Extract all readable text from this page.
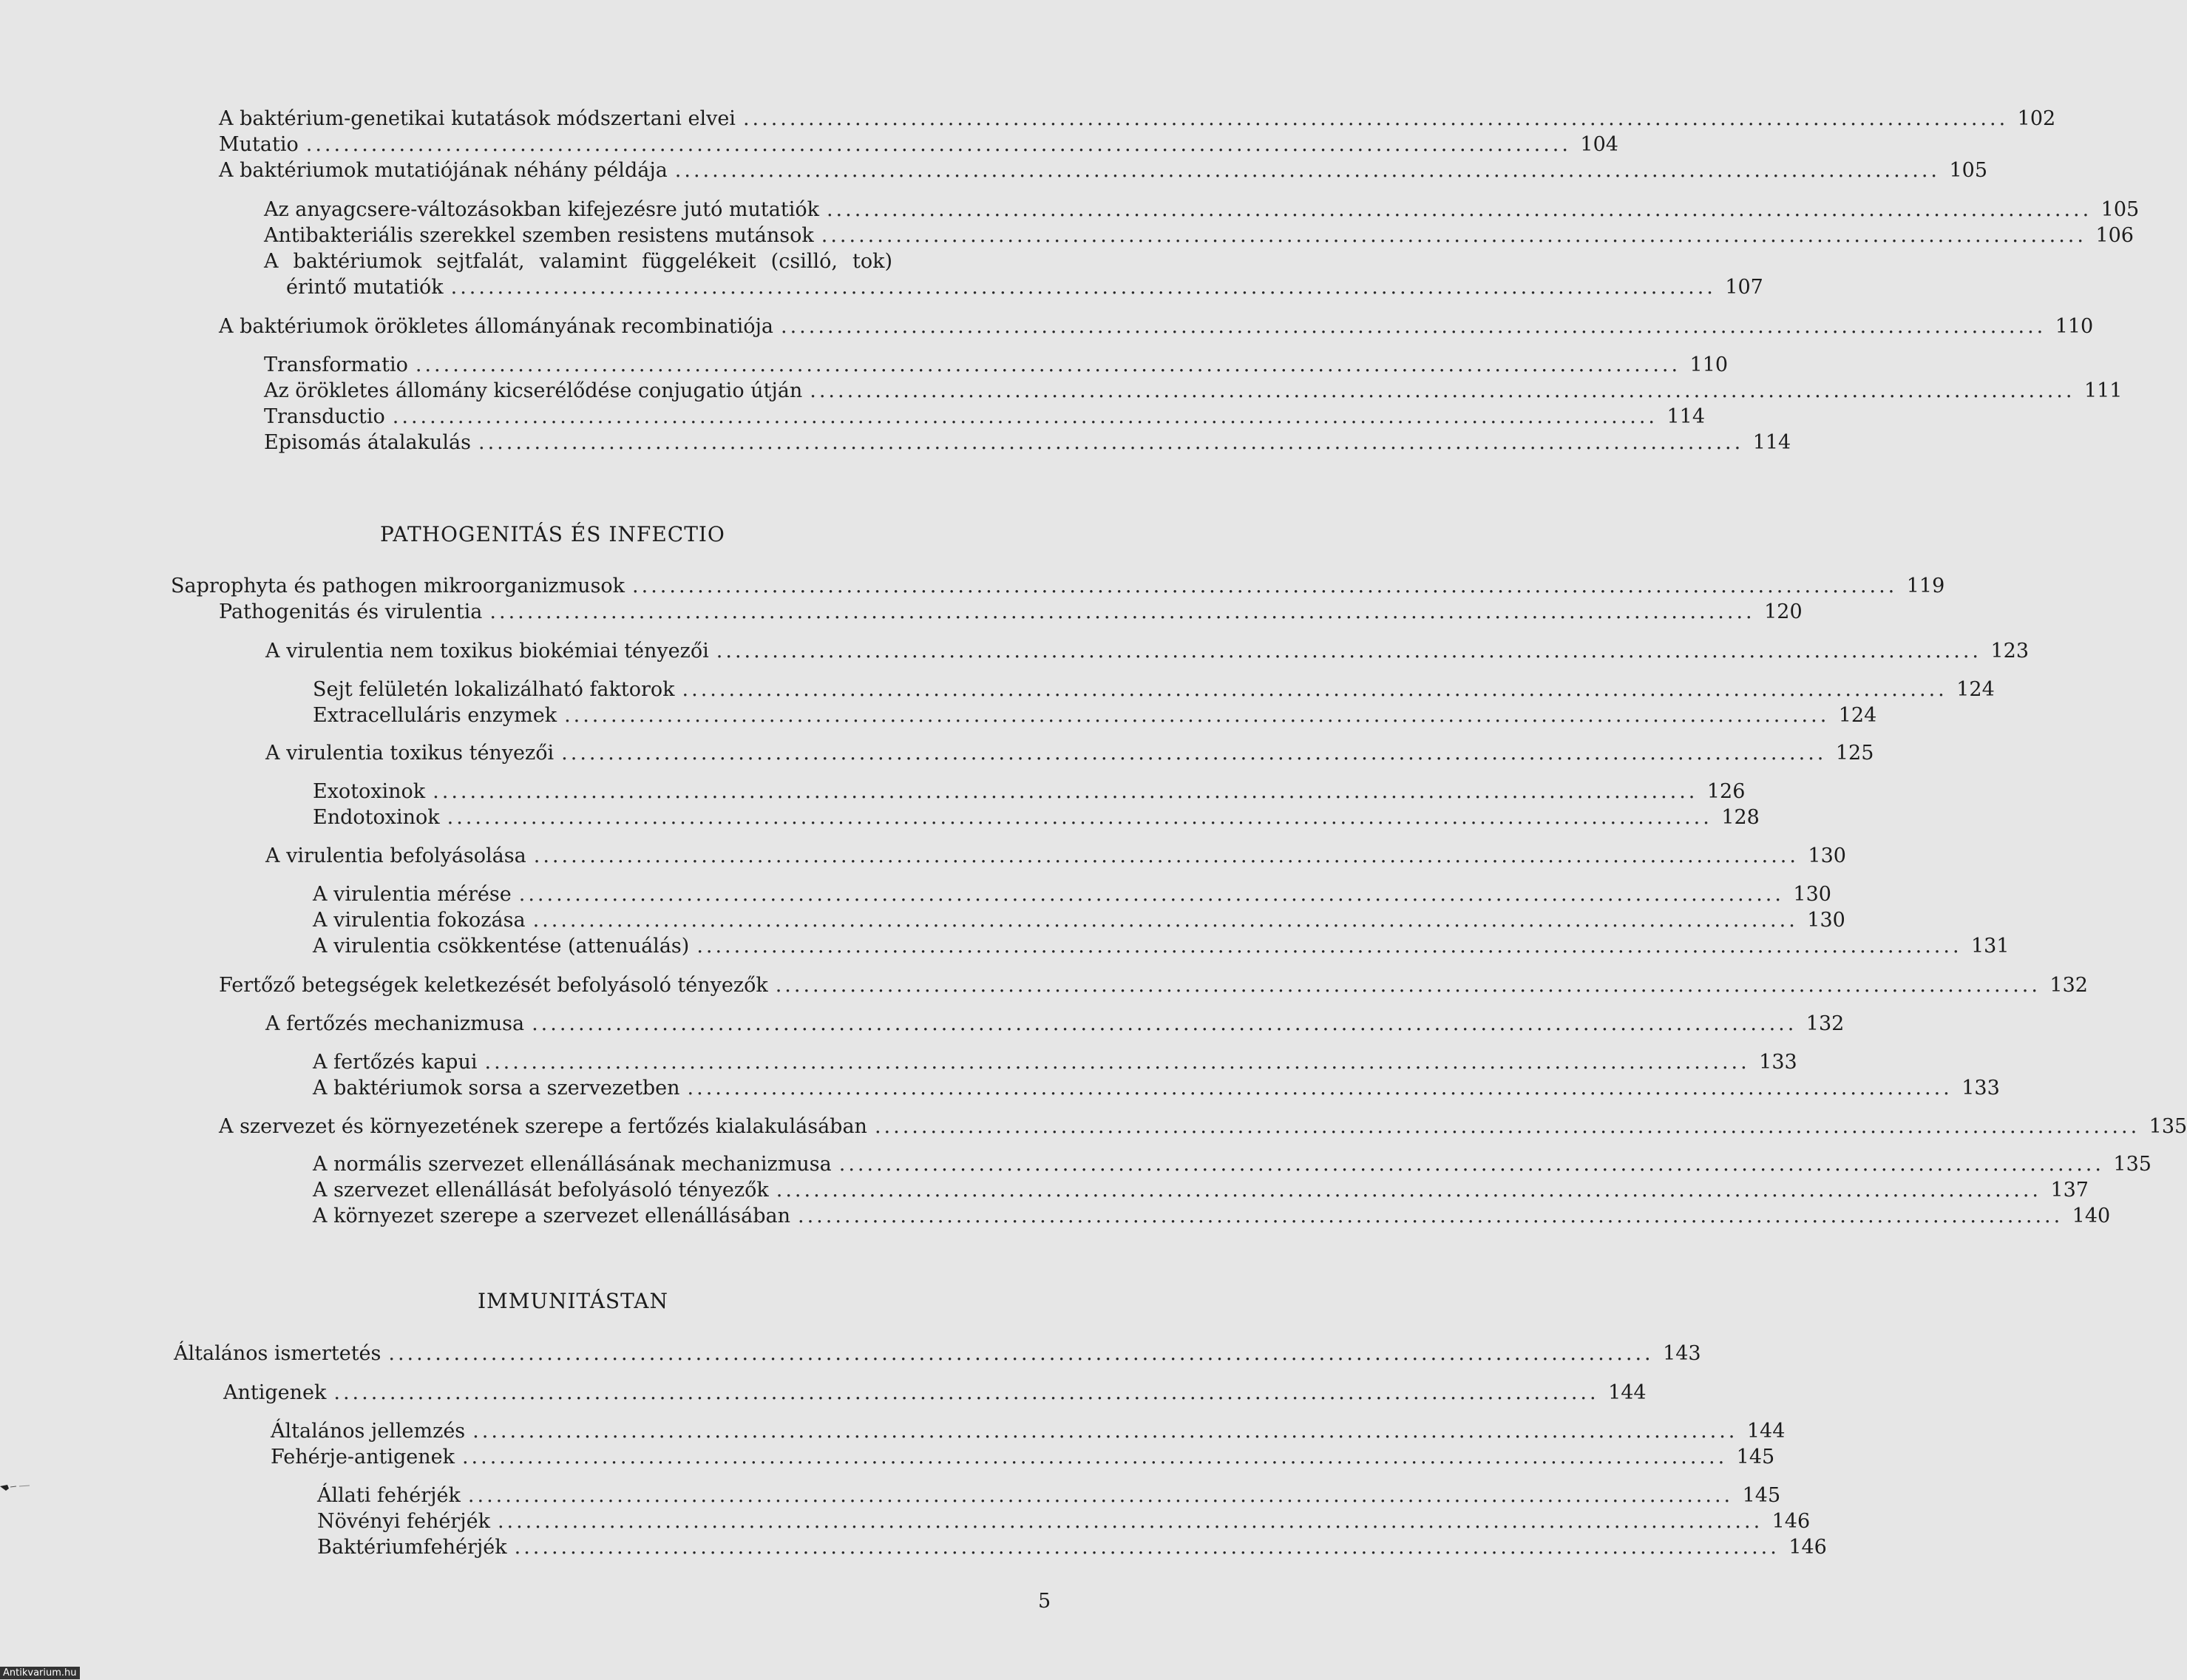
A baktérium-genetikai kutatások módszertani elvei ........................................................................................................................................ 102
Mutatio ........................................................................................................................................ 104
A baktériumok mutatiójának néhány példája ........................................................................................................................................ 105
Az anyagcsere-változásokban kifejezésre jutó mutatiók ........................................................................................................................................ 105
Antibakteriális szerekkel szemben resistens mutánsok ........................................................................................................................................ 106
A baktériumok sejtfalát, valamint függelékeit (csilló, tok)
érintő mutatiók ........................................................................................................................................ 107
A baktériumok örökletes állományának recombinatiója ........................................................................................................................................ 110
Transformatio ........................................................................................................................................ 110
Az örökletes állomány kicserélődése conjugatio útján ........................................................................................................................................ 111
Transductio ........................................................................................................................................ 114
Episomás átalakulás ........................................................................................................................................ 114
PATHOGENITÁS ÉS INFECTIO
Saprophyta és pathogen mikroorganizmusok ........................................................................................................................................ 119
Pathogenitás és virulentia ........................................................................................................................................ 120
A virulentia nem toxikus biokémiai tényezői ........................................................................................................................................ 123
Sejt felületén lokalizálható faktorok ........................................................................................................................................ 124
Extracelluláris enzymek ........................................................................................................................................ 124
A virulentia toxikus tényezői ........................................................................................................................................ 125
Exotoxinok ........................................................................................................................................ 126
Endotoxinok ........................................................................................................................................ 128
A virulentia befolyásolása ........................................................................................................................................ 130
A virulentia mérése ........................................................................................................................................ 130
A virulentia fokozása ........................................................................................................................................ 130
A virulentia csökkentése (attenuálás) ........................................................................................................................................ 131
Fertőző betegségek keletkezését befolyásoló tényezők ........................................................................................................................................ 132
A fertőzés mechanizmusa ........................................................................................................................................ 132
A fertőzés kapui ........................................................................................................................................ 133
A baktériumok sorsa a szervezetben ........................................................................................................................................ 133
A szervezet és környezetének szerepe a fertőzés kialakulásában ........................................................................................................................................ 135
A normális szervezet ellenállásának mechanizmusa ........................................................................................................................................ 135
A szervezet ellenállását befolyásoló tényezők ........................................................................................................................................ 137
A környezet szerepe a szervezet ellenállásában ........................................................................................................................................ 140
IMMUNITÁSTAN
Általános ismertetés ........................................................................................................................................ 143
Antigenek ........................................................................................................................................ 144
Általános jellemzés ........................................................................................................................................ 144
Fehérje-antigenek ........................................................................................................................................ 145
Állati fehérjék ........................................................................................................................................ 145
Növényi fehérjék ........................................................................................................................................ 146
Baktériumfehérjék ........................................................................................................................................ 146
5
Antikvarium.hu
